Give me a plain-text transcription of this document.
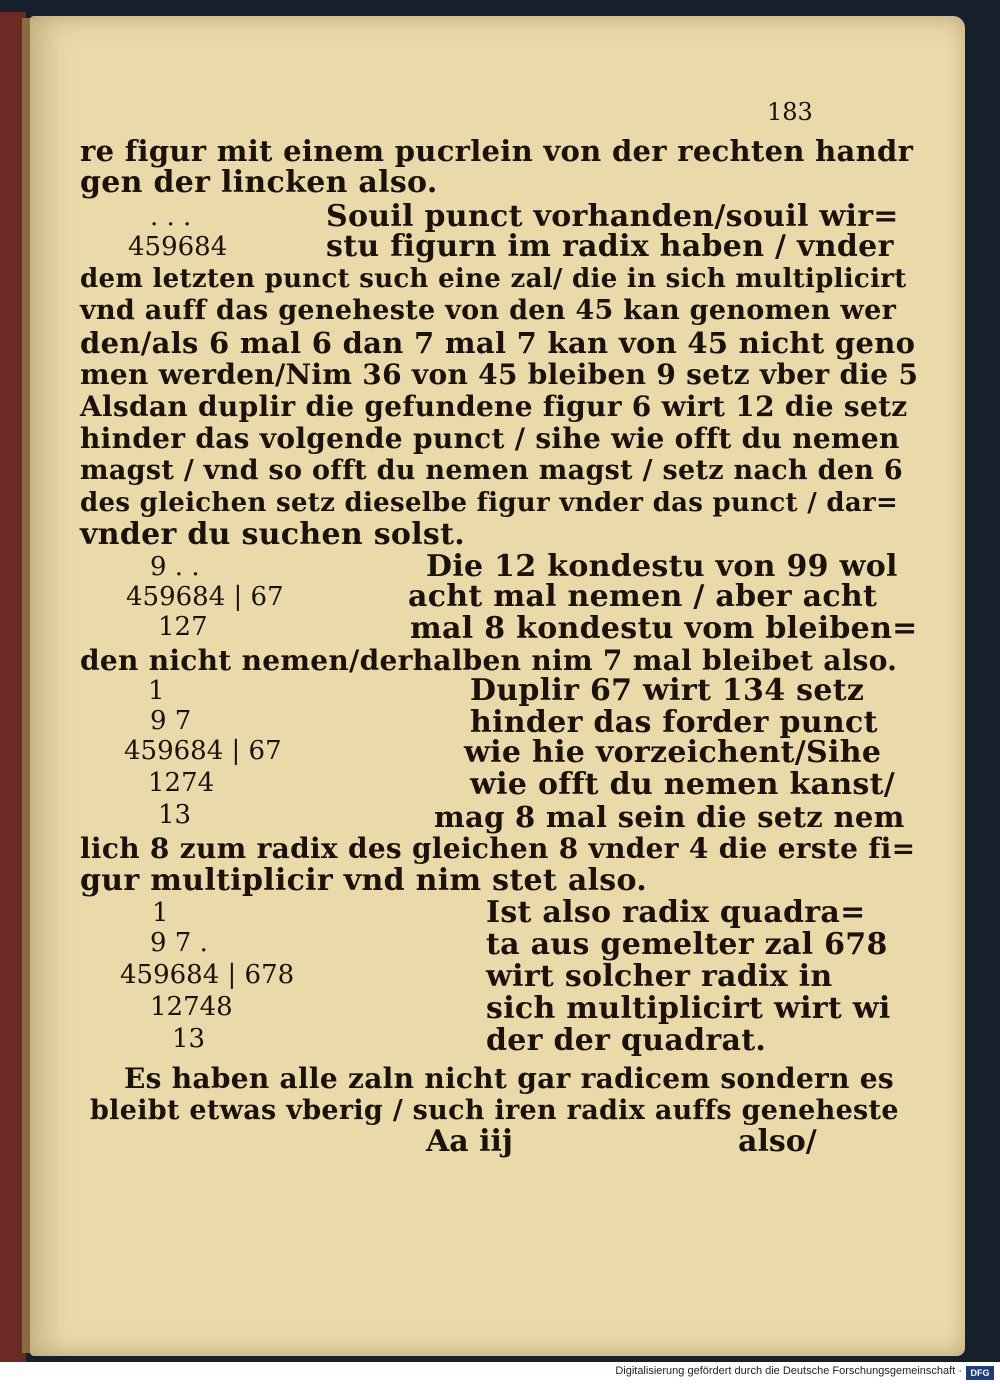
183
re figur mit einem pucrlein von der rechten handr
gen der lincken also.
. . .	Souil punct vorhanden/souil wir=
459684	stu figurn im radix haben / vnder
dem letzten punct such eine zal/ die in sich multiplicirt
vnd auff das geneheste von den 45 kan genomen wer
den/als 6 mal 6 dan 7 mal 7 kan von 45 nicht geno
men werden/Nim 36 von 45 bleiben 9 setz vber die 5
Alsdan duplir die gefundene figur 6 wirt 12 die setz
hinder das volgende punct / sihe wie offt du nemen
magst / vnd so offt du nemen magst / setz nach den 6
des gleichen setz dieselbe figur vnder das punct / dar=
vnder du suchen solst.
9 . .	Die 12 kondestu von 99 wol
459684 | 67	acht mal nemen / aber acht
127	mal 8 kondestu vom bleiben=
den nicht nemen/derhalben nim 7 mal bleibet also.
1	Duplir 67 wirt 134 setz
9 7	hinder das forder punct
459684 | 67	wie hie vorzeichent/Sihe
1274	wie offt du nemen kanst/
13	mag 8 mal sein die setz nem
lich 8 zum radix des gleichen 8 vnder 4 die erste fi=
gur multiplicir vnd nim stet also.
1	Ist also radix quadra=
9 7 .	ta aus gemelter zal 678
459684 | 678	wirt solcher radix in
12748	sich multiplicirt wirt wi
13	der der quadrat.
Es haben alle zaln nicht gar radicem sondern es
bleibt etwas vberig / such iren radix auffs geneheste
Aa iij	also/
Digitalisierung gefördert durch die Deutsche Forschungsgemeinschaft · DFG
